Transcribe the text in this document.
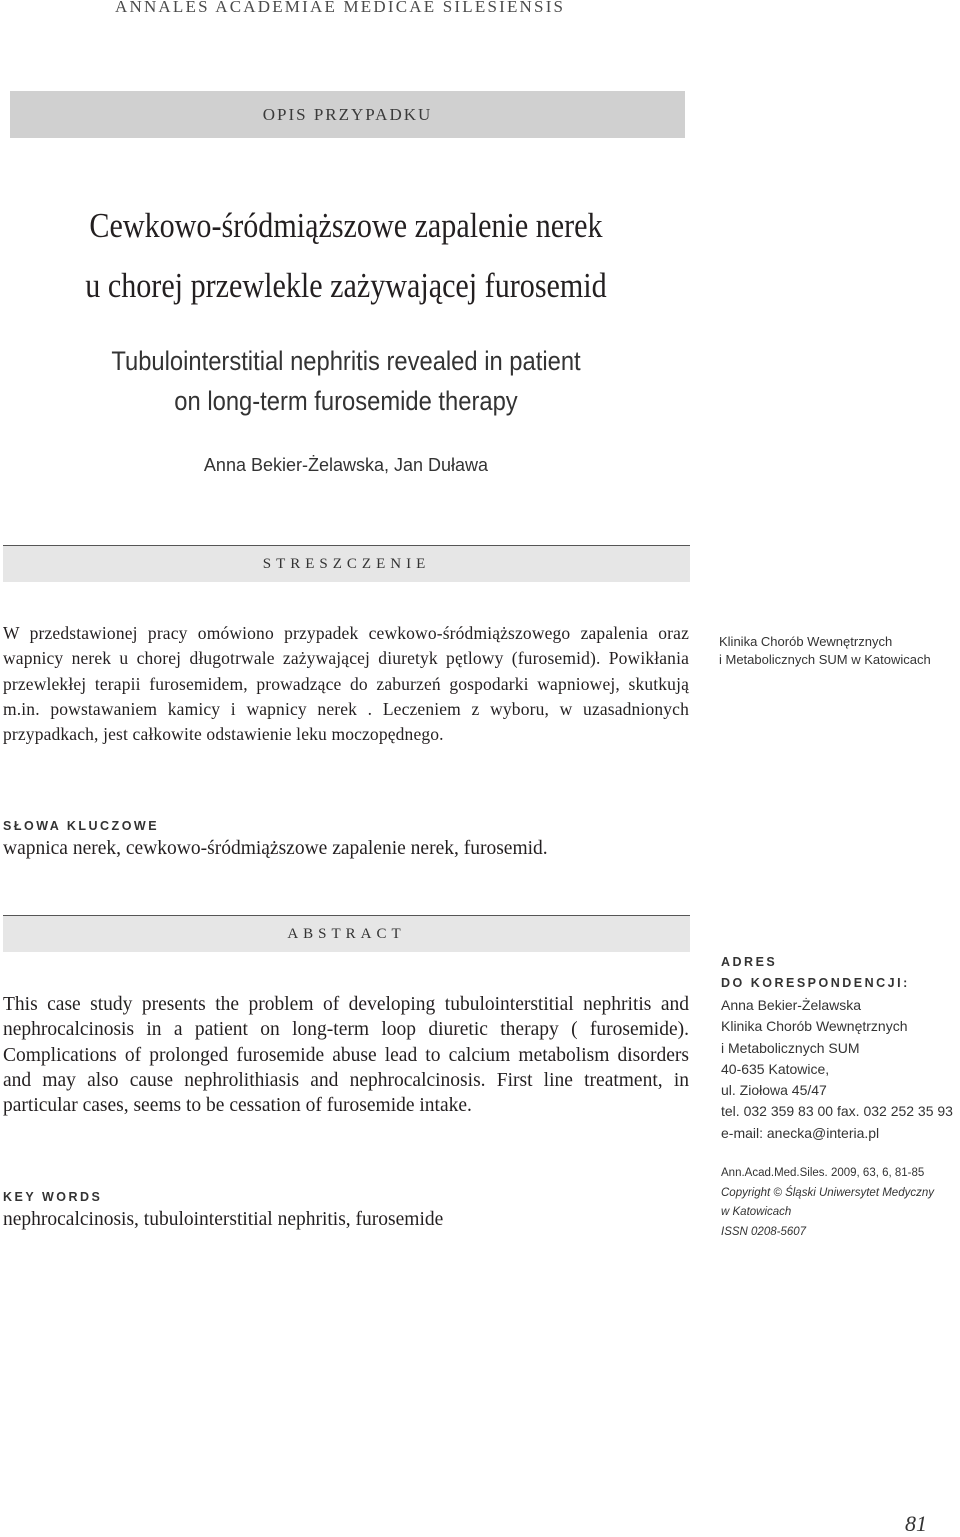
ANNALES ACADEMIAE MEDICAE SILESIENSIS
OPIS PRZYPADKU
Cewkowo-śródmiąższowe zapalenie nerek
u chorej przewlekle zażywającej furosemid
Tubulointerstitial nephritis revealed in patient
on long-term furosemide therapy
Anna Bekier-Żelawska, Jan Duława
STRESZCZENIE
W przedstawionej pracy omówiono przypadek cewkowo-śródmiąższowego zapalenia oraz wapnicy nerek u chorej długotrwale zażywającej diuretyk pętlowy (furosemid). Powikłania przewlekłej terapii furosemidem, prowadzące do zaburzeń gospodarki wapniowej, skutkują m.in. powstawaniem kamicy i wapnicy nerek . Leczeniem z wyboru, w uzasadnionych przypadkach, jest całkowite odstawienie leku moczopędnego.
Klinika Chorób Wewnętrznych
i Metabolicznych SUM w Katowicach
SŁOWA KLUCZOWE
wapnica nerek, cewkowo-śródmiąższowe zapalenie nerek, furosemid.
ABSTRACT
This case study presents the problem of developing tubulointerstitial nephritis and nephrocalcinosis in a patient on long-term loop diuretic therapy ( furosemide). Complications of prolonged furosemide abuse lead to calcium metabolism disorders and may also cause nephrolithiasis and nephrocalcinosis. First line treatment, in particular cases, seems to be cessation of furosemide intake.
KEY WORDS
nephrocalcinosis, tubulointerstitial nephritis, furosemide
ADRES
DO KORESPONDENCJI:
Anna Bekier-Żelawska
Klinika Chorób Wewnętrznych
i Metabolicznych SUM
40-635 Katowice,
ul. Ziołowa 45/47
tel. 032 359 83 00 fax. 032 252 35 93
e-mail: anecka@interia.pl
Ann.Acad.Med.Siles. 2009, 63, 6, 81-85
Copyright © Śląski Uniwersytet Medyczny
w Katowicach
ISSN 0208-5607
81
